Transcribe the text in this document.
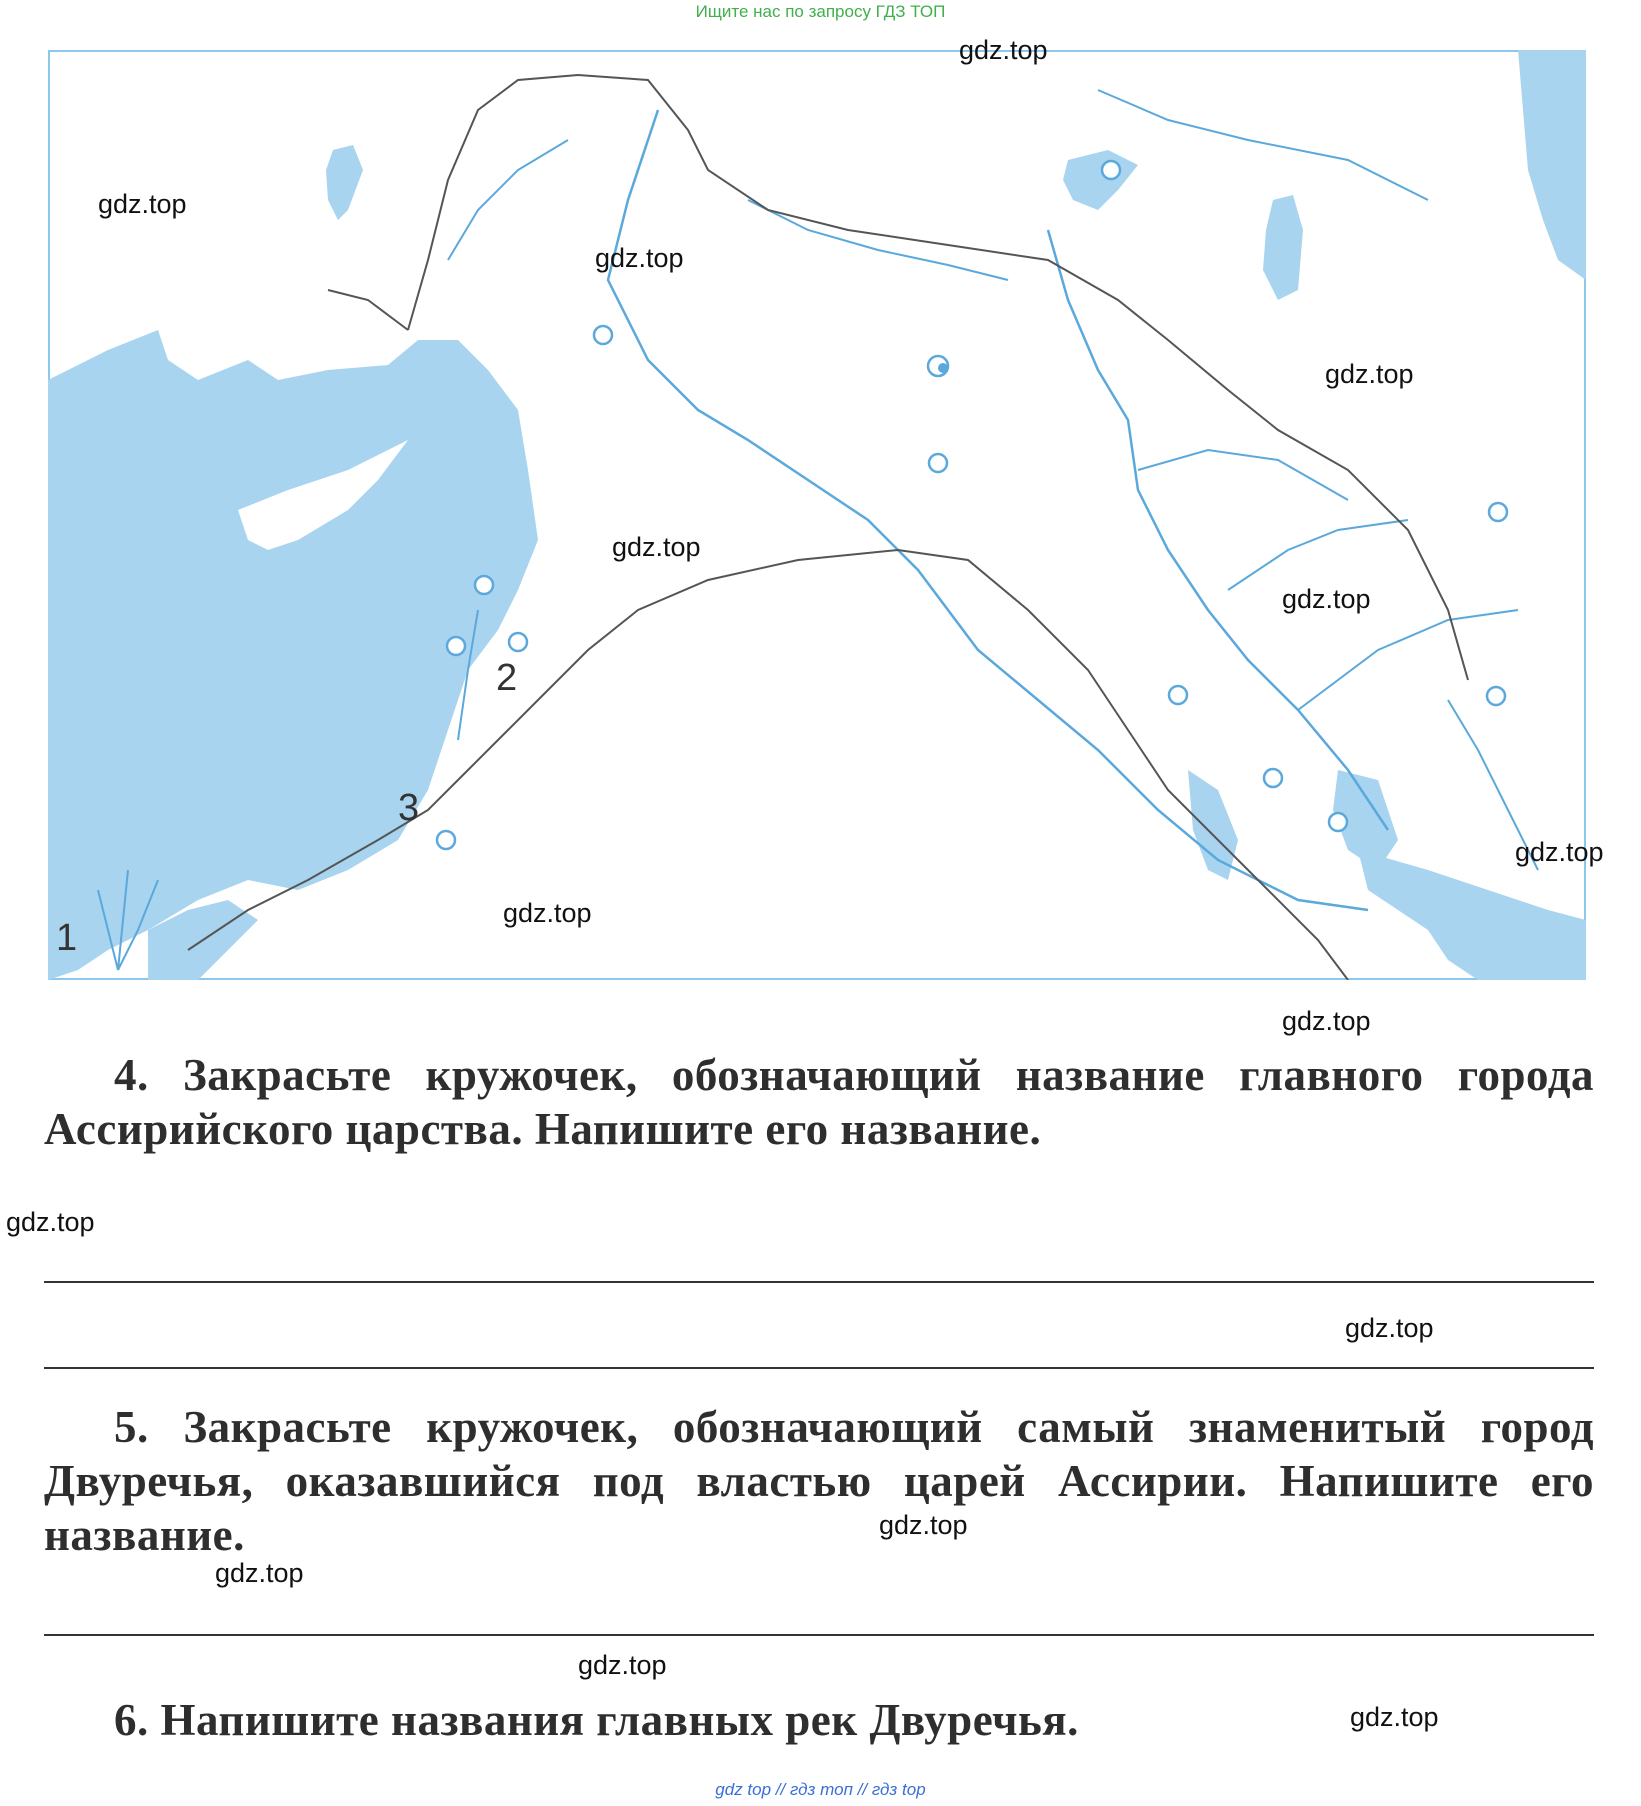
Ищите нас по запросу ГДЗ ТОП
1
2
3
gdz.top
gdz.top
gdz.top
gdz.top
gdz.top
gdz.top
gdz.top
gdz.top
gdz.top
4. Закрасьте кружочек, обозначающий название главного города Ассирийского царства. Напишите его название.
gdz.top
gdz.top
5. Закрасьте кружочек, обозначающий самый знаменитый город Двуречья, оказавшийся под властью царей Ассирии. Напишите его название.	gdz.top
gdz.top
gdz.top
6. Напишите названия главных рек Двуречья.	gdz.top
gdz top // гдз топ // гдз top
